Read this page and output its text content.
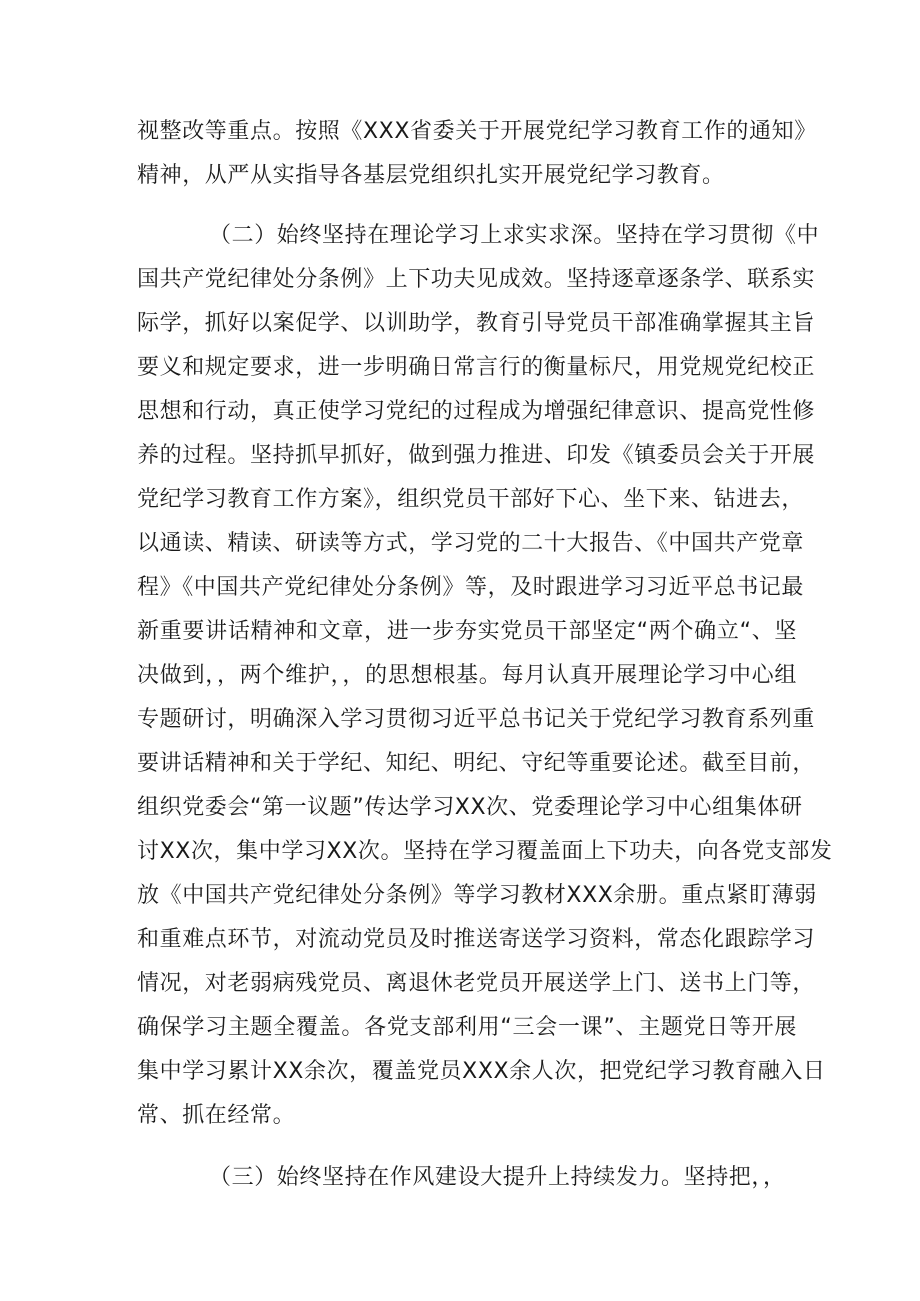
视整改等重点。按照《XXX省委关于开展党纪学习教育工作的通知》
精神，从严从实指导各基层党组织扎实开展党纪学习教育。
（二）始终坚持在理论学习上求实求深。坚持在学习贯彻《中
国共产党纪律处分条例》上下功夫见成效。坚持逐章逐条学、联系实
际学，抓好以案促学、以训助学，教育引导党员干部准确掌握其主旨
要义和规定要求，进一步明确日常言行的衡量标尺，用党规党纪校正
思想和行动，真正使学习党纪的过程成为增强纪律意识、提高党性修
养的过程。坚持抓早抓好，做到强力推进、印发《镇委员会关于开展
党纪学习教育工作方案》，组织党员干部好下心、坐下来、钻进去，
以通读、精读、研读等方式，学习党的二十大报告、《中国共产党章
程》《中国共产党纪律处分条例》等，及时跟进学习习近平总书记最
新重要讲话精神和文章，进一步夯实党员干部坚定“两个确立“、坚
决做到，，两个维护，，的思想根基。每月认真开展理论学习中心组
专题研讨，明确深入学习贯彻习近平总书记关于党纪学习教育系列重
要讲话精神和关于学纪、知纪、明纪、守纪等重要论述。截至目前，
组织党委会“第一议题”传达学习XX次、党委理论学习中心组集体研
讨XX次，集中学习XX次。坚持在学习覆盖面上下功夫，向各党支部发
放《中国共产党纪律处分条例》等学习教材XXX余册。重点紧盯薄弱
和重难点环节，对流动党员及时推送寄送学习资料，常态化跟踪学习
情况，对老弱病残党员、离退休老党员开展送学上门、送书上门等，
确保学习主题全覆盖。各党支部利用“三会一课”、主题党日等开展
集中学习累计XX余次，覆盖党员XXX余人次，把党纪学习教育融入日
常、抓在经常。
（三）始终坚持在作风建设大提升上持续发力。坚持把，，
